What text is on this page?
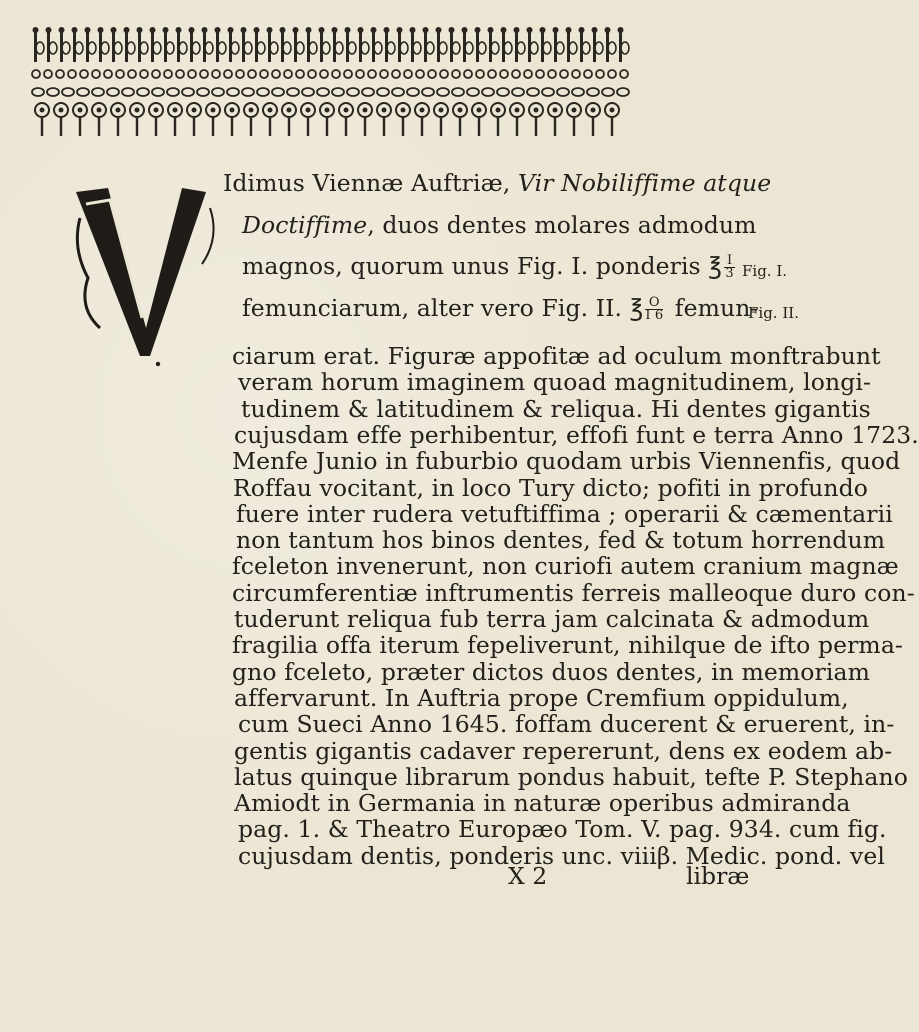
Idimus Viennæ Auftriæ, Vir Nobiliffime atque
Doctiffime, duos dentes molares admodum
magnos, quorum unus Fig. I. ponderis ℥ $\frac{I}{3}$
femunciarum, alter vero Fig. II. ℥ $\frac{O}{I 6}$ femun-
Fig. I.
Fig. II.
ciarum erat. Figuræ appofitæ ad oculum monftrabunt
veram horum imaginem quoad magnitudinem, longi-
tudinem & latitudinem & reliqua. Hi dentes gigantis
cujusdam effe perhibentur, effofi funt e terra Anno 1723.
Menfe Junio in fuburbio quodam urbis Viennenfis, quod
Roffau vocitant, in loco Tury dicto; pofiti in profundo
fuere inter rudera vetuftiffima ; operarii & cæmentarii
non tantum hos binos dentes, fed & totum horrendum
fceleton invenerunt, non curiofi autem cranium magnæ
circumferentiæ inftrumentis ferreis malleoque duro con-
tuderunt reliqua fub terra jam calcinata & admodum
fragilia offa iterum fepeliverunt, nihilque de ifto perma-
gno fceleto, præter dictos duos dentes, in memoriam
affervarunt. In Auftria prope Cremfium oppidulum,
cum Sueci Anno 1645. foffam ducerent & eruerent, in-
gentis gigantis cadaver repererunt, dens ex eodem ab-
latus quinque librarum pondus habuit, tefte P. Stephano
Amiodt in Germania in naturæ operibus admiranda
pag. 1. & Theatro Europæo Tom. V. pag. 934. cum fig.
cujusdam dentis, ponderis unc. viiiβ. Medic. pond. vel
X 2	libræ
